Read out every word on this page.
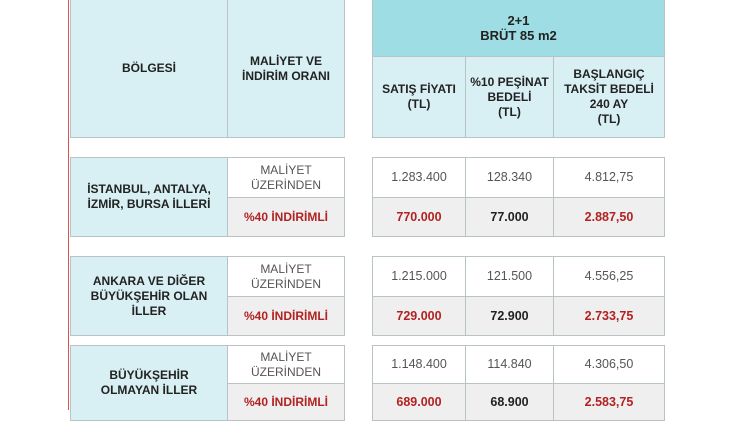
BÖLGESİ
MALİYET VE
İNDİRİM ORANI
2+1
BRÜT 85 m2
SATIŞ FİYATI
(TL)
%10 PEŞİNAT
BEDELİ
(TL)
BAŞLANGIÇ
TAKSİT BEDELİ
240 AY
(TL)
İSTANBUL, ANTALYA,
İZMİR, BURSA İLLERİ
MALİYET
ÜZERİNDEN
%40 İNDİRİMLİ
1.283.400
770.000
128.340
77.000
4.812,75
2.887,50
ANKARA VE DİĞER
BÜYÜKŞEHİR OLAN
İLLER
MALİYET
ÜZERİNDEN
%40 İNDİRİMLİ
1.215.000
729.000
121.500
72.900
4.556,25
2.733,75
BÜYÜKŞEHİR
OLMAYAN İLLER
MALİYET
ÜZERİNDEN
%40 İNDİRİMLİ
1.148.400
689.000
114.840
68.900
4.306,50
2.583,75
